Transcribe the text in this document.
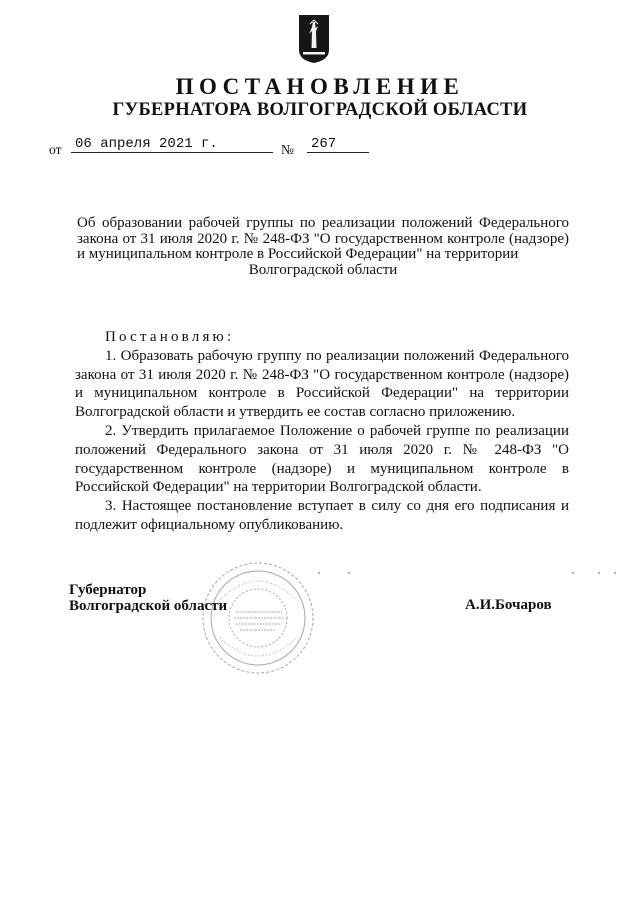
ПОСТАНОВЛЕНИЕ
ГУБЕРНАТОРА ВОЛГОГРАДСКОЙ ОБЛАСТИ
от 06 апреля 2021 г.	№ 267
Об образовании рабочей группы по реализации положений Федерального закона от 31 июля 2020 г. № 248-ФЗ "О государственном контроле (надзоре) и муниципальном контроле в Российской Федерации" на территории
Волгоградской области
Постановляю:

1. Образовать рабочую группу по реализации положений Федерального закона от 31 июля 2020 г. № 248-ФЗ "О государственном контроле (надзоре) и муниципальном контроле в Российской Федерации" на территории Волгоградской области и утвердить ее состав согласно приложению.

2. Утвердить прилагаемое Положение о рабочей группе по реализации положений Федерального закона от 31 июля 2020 г. № 248-ФЗ "О государственном контроле (надзоре) и муниципальном контроле в Российской Федерации" на территории Волгоградской области.

3. Настоящее постановление вступает в силу со дня его подписания и подлежит официальному опубликованию.

Губернатор
Волгоградской области	А.И.Бочаров
